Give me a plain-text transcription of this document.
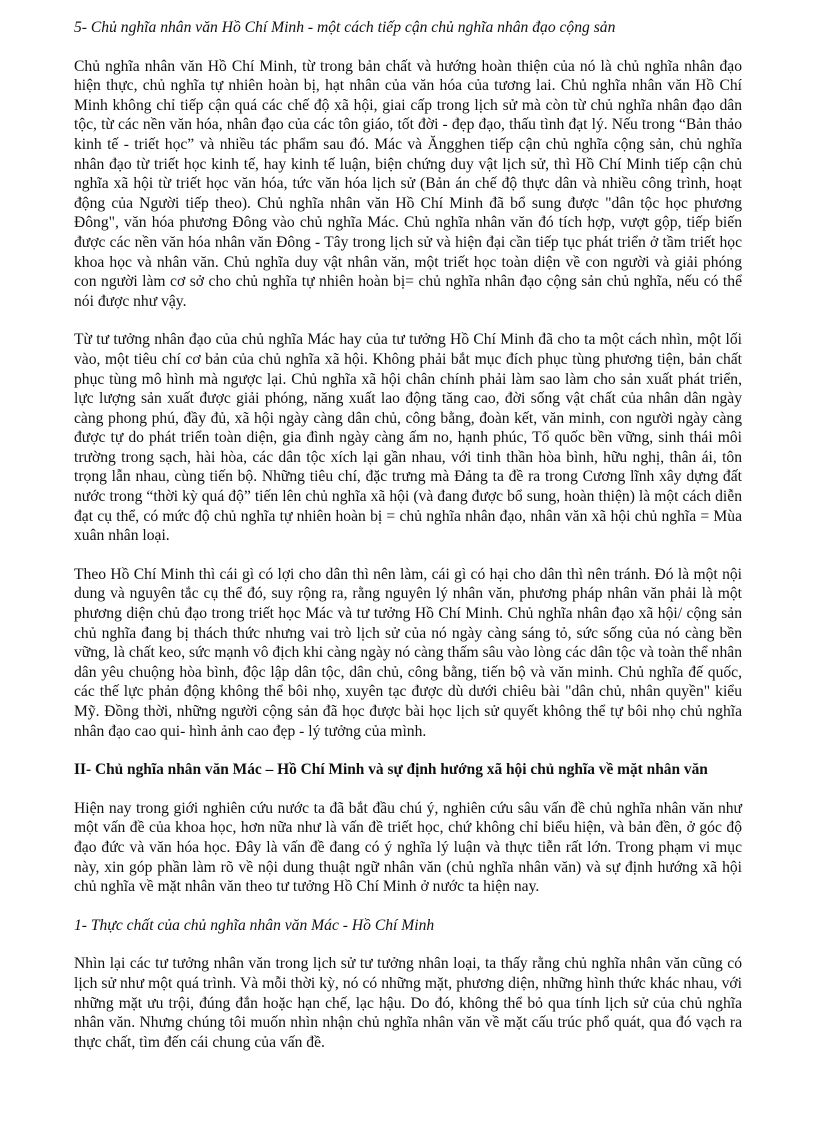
5- Chủ nghĩa nhân văn Hồ Chí Minh - một cách tiếp cận chủ nghĩa nhân đạo cộng sản
Chủ nghĩa nhân văn Hồ Chí Minh, từ trong bản chất và hướng hoàn thiện của nó là chủ nghĩa nhân đạo hiện thực, chủ nghĩa tự nhiên hoàn bị, hạt nhân của văn hóa của tương lai. Chủ nghĩa nhân văn Hồ Chí Minh không chỉ tiếp cận quá các chế độ xã hội, giai cấp trong lịch sử mà còn từ chủ nghĩa nhân đạo dân tộc, từ các nền văn hóa, nhân đạo của các tôn giáo, tốt đời - đẹp đạo, thấu tình đạt lý. Nếu trong “Bản thảo kinh tế - triết học” và nhiều tác phẩm sau đó. Mác và Ăngghen tiếp cận chủ nghĩa cộng sản, chủ nghĩa nhân đạo từ triết học kinh tế, hay kinh tế luận, biện chứng duy vật lịch sử, thì Hồ Chí Minh tiếp cận chủ nghĩa xã hội từ triết học văn hóa, tức văn hóa lịch sử (Bản án chế độ thực dân và nhiều công trình, hoạt động của Người tiếp theo). Chủ nghĩa nhân văn Hồ Chí Minh đã bổ sung được "dân tộc học phương Đông", văn hóa phương Đông vào chủ nghĩa Mác. Chủ nghĩa nhân văn đó tích hợp, vượt gộp, tiếp biến được các nền văn hóa nhân văn Đông - Tây trong lịch sử và hiện đại cần tiếp tục phát triển ở tầm triết học khoa học và nhân văn. Chủ nghĩa duy vật nhân văn, một triết học toàn diện về con người và giải phóng con người làm cơ sở cho chủ nghĩa tự nhiên hoàn bị= chủ nghĩa nhân đạo cộng sản chủ nghĩa, nếu có thể nói được như vậy.
Từ tư tưởng nhân đạo của chủ nghĩa Mác hay của tư tưởng Hồ Chí Minh đã cho ta một cách nhìn, một lối vào, một tiêu chí cơ bản của chủ nghĩa xã hội. Không phải bắt mục đích phục tùng phương tiện, bản chất phục tùng mô hình mà ngược lại. Chủ nghĩa xã hội chân chính phải làm sao làm cho sản xuất phát triển, lực lượng sản xuất được giải phóng, năng xuất lao động tăng cao, đời sống vật chất của nhân dân ngày càng phong phú, đầy đủ, xã hội ngày càng dân chủ, công bằng, đoàn kết, văn minh, con người ngày càng được tự do phát triển toàn diện, gia đình ngày càng ấm no, hạnh phúc, Tổ quốc bền vững, sinh thái môi trường trong sạch, hài hòa, các dân tộc xích lại gần nhau, với tinh thần hòa bình, hữu nghị, thân ái, tôn trọng lẫn nhau, cùng tiến bộ. Những tiêu chí, đặc trưng mà Đảng ta đề ra trong Cương lĩnh xây dựng đất nước trong “thời kỳ quá độ” tiến lên chủ nghĩa xã hội (và đang được bổ sung, hoàn thiện) là một cách diễn đạt cụ thể, có mức độ chủ nghĩa tự nhiên hoàn bị = chủ nghĩa nhân đạo, nhân văn xã hội chủ nghĩa = Mùa xuân nhân loại.
Theo Hồ Chí Minh thì cái gì có lợi cho dân thì nên làm, cái gì có hại cho dân thì nên tránh. Đó là một nội dung và nguyên tắc cụ thể đó, suy rộng ra, rằng nguyên lý nhân văn, phương pháp nhân văn phải là một phương diện chủ đạo trong triết học Mác và tư tưởng Hồ Chí Minh. Chủ nghĩa nhân đạo xã hội/ cộng sản chủ nghĩa đang bị thách thức nhưng vai trò lịch sử của nó ngày càng sáng tỏ, sức sống của nó càng bền vững, là chất keo, sức mạnh vô địch khi càng ngày nó càng thấm sâu vào lòng các dân tộc và toàn thể nhân dân yêu chuộng hòa bình, độc lập dân tộc, dân chủ, công bằng, tiến bộ và văn minh. Chủ nghĩa đế quốc, các thế lực phản động không thể bôi nhọ, xuyên tạc được dù dưới chiêu bài "dân chủ, nhân quyền" kiểu Mỹ. Đồng thời, những người cộng sản đã học được bài học lịch sử quyết không thể tự bôi nhọ chủ nghĩa nhân đạo cao qui- hình ảnh cao đẹp - lý tưởng của mình.
II- Chủ nghĩa nhân văn Mác – Hồ Chí Minh và sự định hướng xã hội chủ nghĩa về mặt nhân văn
Hiện nay trong giới nghiên cứu nước ta đã bắt đầu chú ý, nghiên cứu sâu vấn đề chủ nghĩa nhân văn như một vấn đề của khoa học, hơn nữa như là vấn đề triết học, chứ không chỉ biểu hiện, và bản đền, ở góc độ đạo đức và văn hóa học. Đây là vấn đề đang có ý nghĩa lý luận và thực tiễn rất lớn. Trong phạm vi mục này, xin góp phần làm rõ về nội dung thuật ngữ nhân văn (chủ nghĩa nhân văn) và sự định hướng xã hội chủ nghĩa về mặt nhân văn theo tư tưởng Hồ Chí Minh ở nước ta hiện nay.
1- Thực chất của chủ nghĩa nhân văn Mác - Hồ Chí Minh
Nhìn lại các tư tưởng nhân văn trong lịch sử tư tưởng nhân loại, ta thấy rằng chủ nghĩa nhân văn cũng có lịch sử như một quá trình. Và mỗi thời kỳ, nó có những mặt, phương diện, những hình thức khác nhau, với những mặt ưu trội, đúng đắn hoặc hạn chế, lạc hậu. Do đó, không thể bỏ qua tính lịch sử của chủ nghĩa nhân văn. Nhưng chúng tôi muốn nhìn nhận chủ nghĩa nhân văn về mặt cấu trúc phổ quát, qua đó vạch ra thực chất, tìm đến cái chung của vấn đề.
